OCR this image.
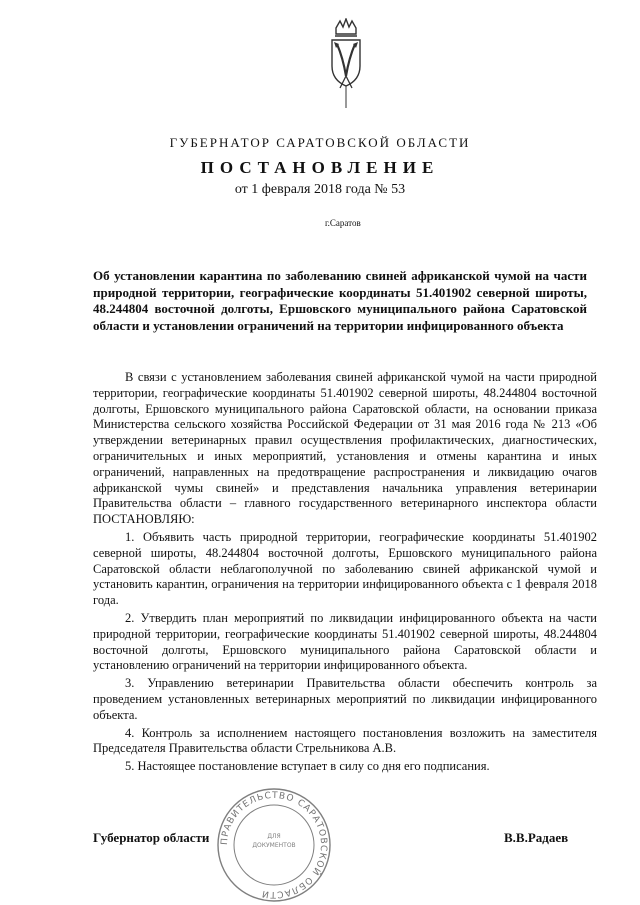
ГУБЕРНАТОР САРАТОВСКОЙ ОБЛАСТИ
ПОСТАНОВЛЕНИЕ
от 1 февраля 2018 года № 53
г.Саратов
Об установлении карантина по заболеванию свиней африканской чумой на части природной территории, географические координаты 51.401902 северной широты, 48.244804 восточной долготы, Ершовского муниципального района Саратовской области и установлении ограничений на территории инфицированного объекта

В связи с установлением заболевания свиней африканской чумой на части природной территории, географические координаты 51.401902 северной широты, 48.244804 восточной долготы, Ершовского муниципального района Саратовской области, на основании приказа Министерства сельского хозяйства Российской Федерации от 31 мая 2016 года № 213 «Об утверждении ветеринарных правил осуществления профилактических, диагностических, ограничительных и иных мероприятий, установления и отмены карантина и иных ограничений, направленных на предотвращение распространения и ликвидацию очагов африканской чумы свиней» и представления начальника управления ветеринарии Правительства области – главного государственного ветеринарного инспектора области ПОСТАНОВЛЯЮ:

1. Объявить часть природной территории, географические координаты 51.401902 северной широты, 48.244804 восточной долготы, Ершовского муниципального района Саратовской области неблагополучной по заболеванию свиней африканской чумой и установить карантин, ограничения на территории инфицированного объекта с 1 февраля 2018 года.

2. Утвердить план мероприятий по ликвидации инфицированного объекта на части природной территории, географические координаты 51.401902 северной широты, 48.244804 восточной долготы, Ершовского муниципального района Саратовской области и установлению ограничений на территории инфицированного объекта.

3. Управлению ветеринарии Правительства области обеспечить контроль за проведением установленных ветеринарных мероприятий по ликвидации инфицированного объекта.

4. Контроль за исполнением настоящего постановления возложить на заместителя Председателя Правительства области Стрельникова А.В.

5. Настоящее постановление вступает в силу со дня его подписания.

ПРАВИТЕЛЬСТВО САРАТОВСКОЙ ОБЛАСТИ
ДЛЯ
ДОКУМЕНТОВ
Губернатор области	В.В.Радаев
